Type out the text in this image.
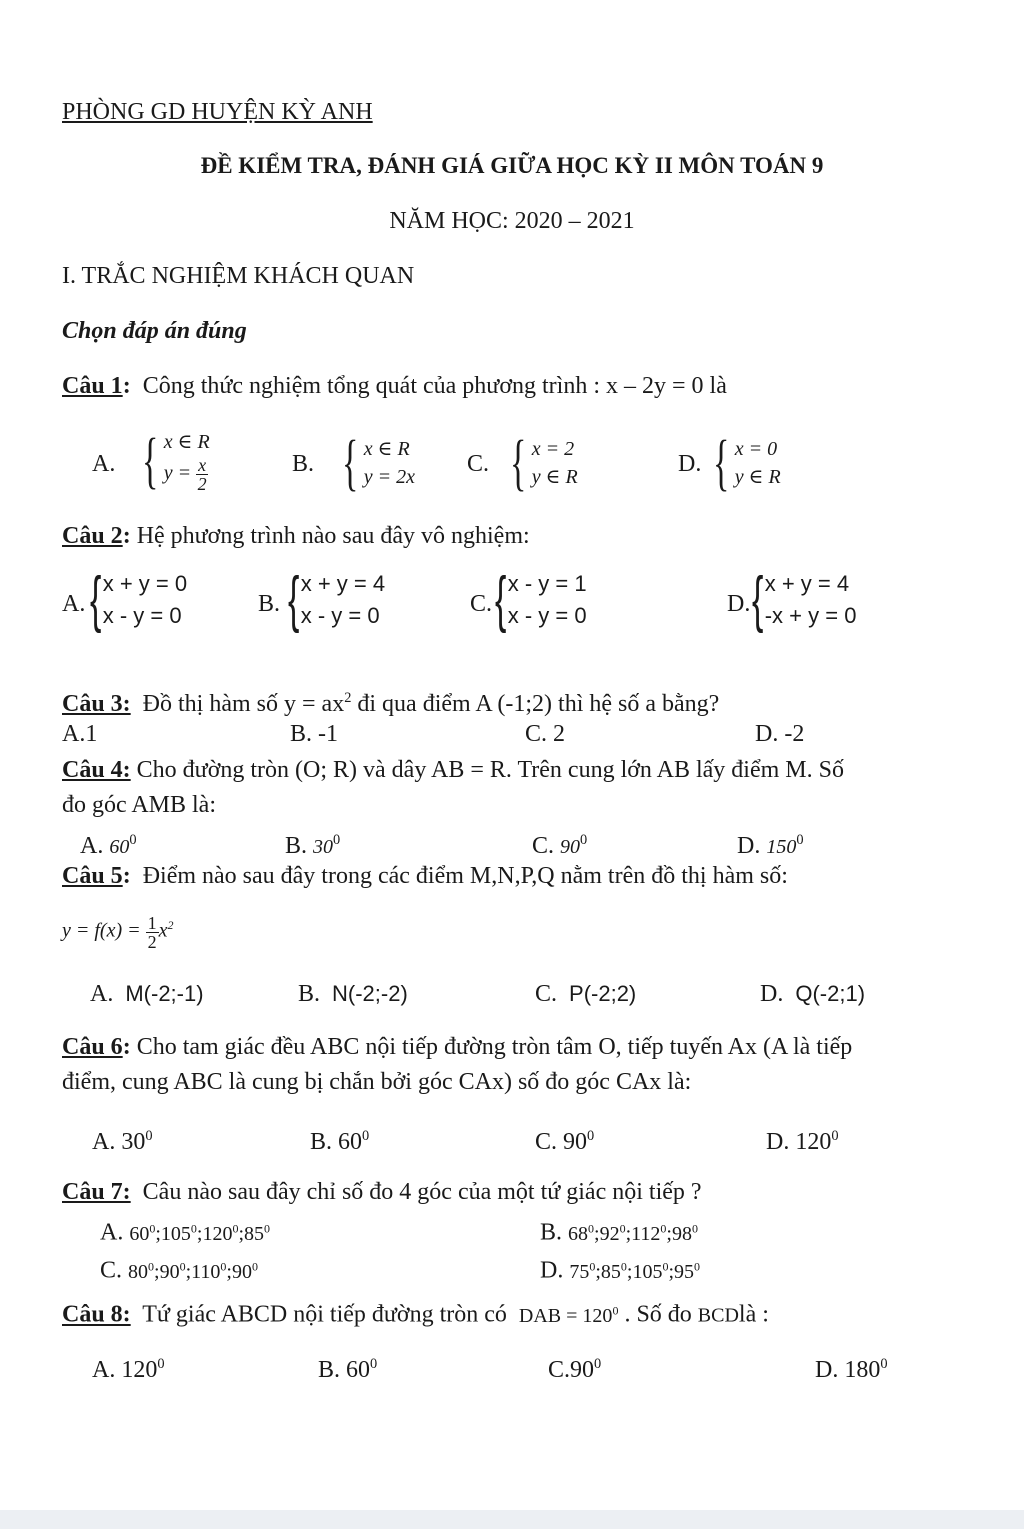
PHÒNG GD HUYỆN KỲ ANH
ĐỀ KIỂM TRA, ĐÁNH GIÁ GIỮA HỌC KỲ II MÔN TOÁN 9
NĂM HỌC: 2020 – 2021
I. TRẮC NGHIỆM KHÁCH QUAN
Chọn đáp án đúng
Câu 1: Công thức nghiệm tổng quát của phương trình : x – 2y = 0 là
A. { x ∈ R
$y = \frac{x}{2}$	B. { x ∈ R
y = 2x C. { x = 2
y ∈ R	D. { x = 0
y ∈ R
Câu 2: Hệ phương trình nào sau đây vô nghiệm:
A. { x + y = 0
x - y = 0	B. { x + y = 4
x - y = 0	C. { x - y = 1
x - y = 0	D. { x + y = 4
-x + y = 0
Câu 3: Đồ thị hàm số $y = ax^2$ đi qua điểm A (-1;2) thì hệ số a bằng?
A.1	B. -1	C. 2	D. -2
Câu 4: Cho đường tròn (O; R) và dây AB = R. Trên cung lớn AB lấy điểm M. Số
đo góc AMB là:
A. $60^0$	B. $30^0$	C. $90^0$	D. $150^0$
Câu 5: Điểm nào sau đây trong các điểm M,N,P,Q nằm trên đồ thị hàm số:
$y = f(x) = \frac{1}{2} x^2$
A. M(-2;-1)	B. N(-2;-2)	C. P(-2;2)	D. Q(-2;1)
Câu 6: Cho tam giác đều ABC nội tiếp đường tròn tâm O, tiếp tuyến Ax (A là tiếp
điểm, cung ABC là cung bị chắn bởi góc CAx) số đo góc CAx là:
A. $30^0$	B. $60^0$	C. $90^0$	D. $120^0$
Câu 7: Câu nào sau đây chỉ số đo 4 góc của một tứ giác nội tiếp ?
A. $60^0;105^0;120^0;85^0$	B. $68^0;92^0;112^0;98^0$
C. $80^0;90^0;110^0;90^0$	D. $75^0;85^0;105^0;95^0$
Câu 8: Tứ giác ABCD nội tiếp đường tròn có DAB = $120^0$ . Số đo BCDlà :
A. $120^0$	B. $60^0$	$C.90^0$	D. $180^0$
